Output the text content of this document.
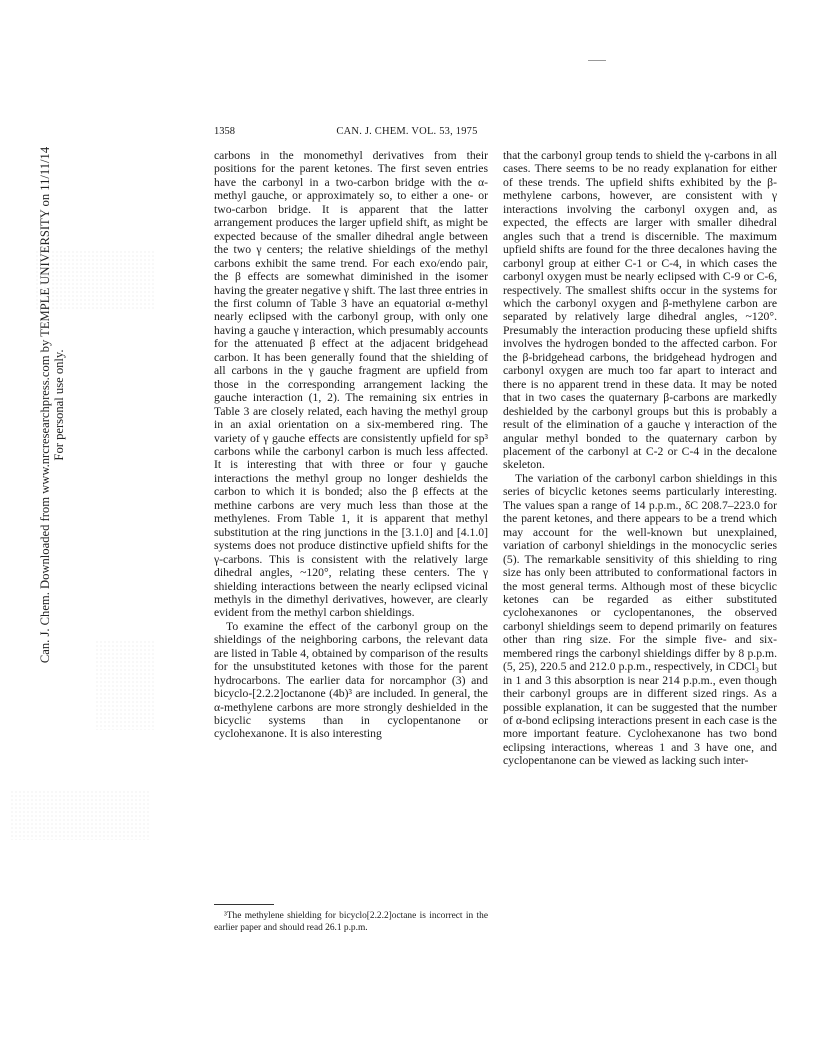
Can. J. Chem. Downloaded from www.nrcresearchpress.com by TEMPLE UNIVERSITY on 11/11/14 For personal use only.
1358	CAN. J. CHEM. VOL. 53, 1975

carbons in the monomethyl derivatives from their positions for the parent ketones. The first seven entries have the carbonyl in a two-carbon bridge with the α-methyl gauche, or approximately so, to either a one- or two-carbon bridge. It is apparent that the latter arrangement produces the larger upfield shift, as might be expected because of the smaller dihedral angle between the two γ centers; the relative shieldings of the methyl carbons exhibit the same trend. For each exo/endo pair, the β effects are somewhat diminished in the isomer having the greater negative γ shift. The last three entries in the first column of Table 3 have an equatorial α-methyl nearly eclipsed with the carbonyl group, with only one having a gauche γ interaction, which presumably accounts for the attenuated β effect at the adjacent bridgehead carbon. It has been generally found that the shielding of all carbons in the γ gauche fragment are upfield from those in the corresponding arrangement lacking the gauche interaction (1, 2). The remaining six entries in Table 3 are closely related, each having the methyl group in an axial orientation on a six-membered ring. The variety of γ gauche effects are consistently upfield for sp³ carbons while the carbonyl carbon is much less affected. It is interesting that with three or four γ gauche interactions the methyl group no longer deshields the carbon to which it is bonded; also the β effects at the methine carbons are very much less than those at the methylenes. From Table 1, it is apparent that methyl substitution at the ring junctions in the [3.1.0] and [4.1.0] systems does not produce distinctive upfield shifts for the γ-carbons. This is consistent with the relatively large dihedral angles, ~120°, relating these centers. The γ shielding interactions between the nearly eclipsed vicinal methyls in the dimethyl derivatives, however, are clearly evident from the methyl carbon shieldings.

To examine the effect of the carbonyl group on the shieldings of the neighboring carbons, the relevant data are listed in Table 4, obtained by comparison of the results for the unsubstituted ketones with those for the parent hydrocarbons. The earlier data for norcamphor (3) and bicyclo-[2.2.2]octanone (4b)³ are included. In general, the α-methylene carbons are more strongly deshielded in the bicyclic systems than in cyclopentanone or cyclohexanone. It is also interesting

³The methylene shielding for bicyclo[2.2.2]octane is incorrect in the earlier paper and should read 26.1 p.p.m.

that the carbonyl group tends to shield the γ-carbons in all cases. There seems to be no ready explanation for either of these trends. The upfield shifts exhibited by the β-methylene carbons, however, are consistent with γ interactions involving the carbonyl oxygen and, as expected, the effects are larger with smaller dihedral angles such that a trend is discernible. The maximum upfield shifts are found for the three decalones having the carbonyl group at either C-1 or C-4, in which cases the carbonyl oxygen must be nearly eclipsed with C-9 or C-6, respectively. The smallest shifts occur in the systems for which the carbonyl oxygen and β-methylene carbon are separated by relatively large dihedral angles, ~120°. Presumably the interaction producing these upfield shifts involves the hydrogen bonded to the affected carbon. For the β-bridgehead carbons, the bridgehead hydrogen and carbonyl oxygen are much too far apart to interact and there is no apparent trend in these data. It may be noted that in two cases the quaternary β-carbons are markedly deshielded by the carbonyl groups but this is probably a result of the elimination of a gauche γ interaction of the angular methyl bonded to the quaternary carbon by placement of the carbonyl at C-2 or C-4 in the decalone skeleton.

The variation of the carbonyl carbon shieldings in this series of bicyclic ketones seems particularly interesting. The values span a range of 14 p.p.m., δC 208.7–223.0 for the parent ketones, and there appears to be a trend which may account for the well-known but unexplained, variation of carbonyl shieldings in the monocyclic series (5). The remarkable sensitivity of this shielding to ring size has only been attributed to conformational factors in the most general terms. Although most of these bicyclic ketones can be regarded as either substituted cyclohexanones or cyclopentanones, the observed carbonyl shieldings seem to depend primarily on features other than ring size. For the simple five- and six-membered rings the carbonyl shieldings differ by 8 p.p.m. (5, 25), 220.5 and 212.0 p.p.m., respectively, in CDCl₃ but in 1 and 3 this absorption is near 214 p.p.m., even though their carbonyl groups are in different sized rings. As a possible explanation, it can be suggested that the number of α-bond eclipsing interactions present in each case is the more important feature. Cyclohexanone has two bond eclipsing interactions, whereas 1 and 3 have one, and cyclopentanone can be viewed as lacking such inter-
